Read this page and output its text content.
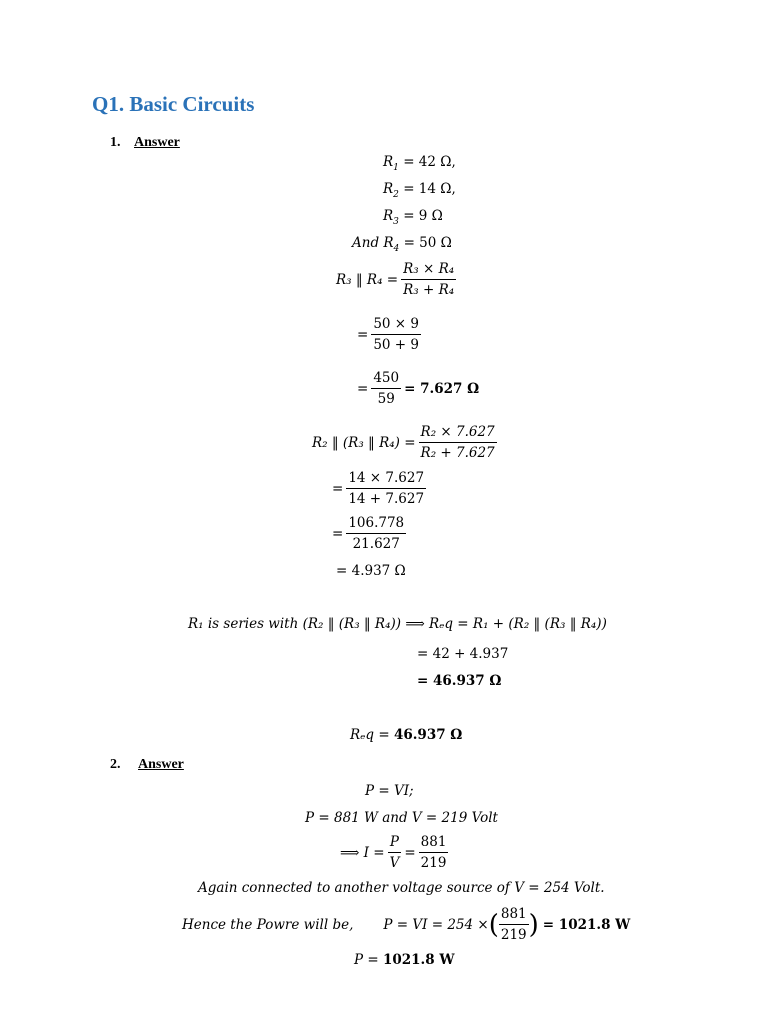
Q1. Basic Circuits
1. Answer
$R_1 = 42$ Ω,
$R_2 = 14$ Ω,
$R_3 = 9$ Ω
And $R_4 = 50$ Ω
R₃ ‖ $R_4 = \frac{\text{R₃ × R₄}}{\text{R₃ + R₄}}$
= $\frac{50 \times 9}{50 + 9}$
= $\frac{450}{59} = 7.627$ Ω
R₂ ‖ (R₃ ‖ $R_4) = \frac{\text{R₂ × 7.627}}{\text{R₂ + 7.627}}$
= $\frac{14 \times 7.627}{14 + 7.627}$
= $\frac{106.778}{21.627}$
= 4.937 Ω
R₁ is series with (R₂ ‖ (R₃ ‖ R₄)) ⟹ Rₑq = R₁ + (R₂ ‖ (R₃ ‖ R₄))
= 42 + 4.937
= 46.937 Ω
Rₑq = 46.937 Ω
2. Answer
P = VI;
P = 881 W and V = 219 Volt
⟹ $I = \frac{P}{V} = \frac{881}{219}$
Again connected to another voltage source of V = 254 Volt.
Hence the Powre will be, P = VI = 254 × ( $\frac{881}{219}$ ) = 1021.8 W
P = 1021.8 W
